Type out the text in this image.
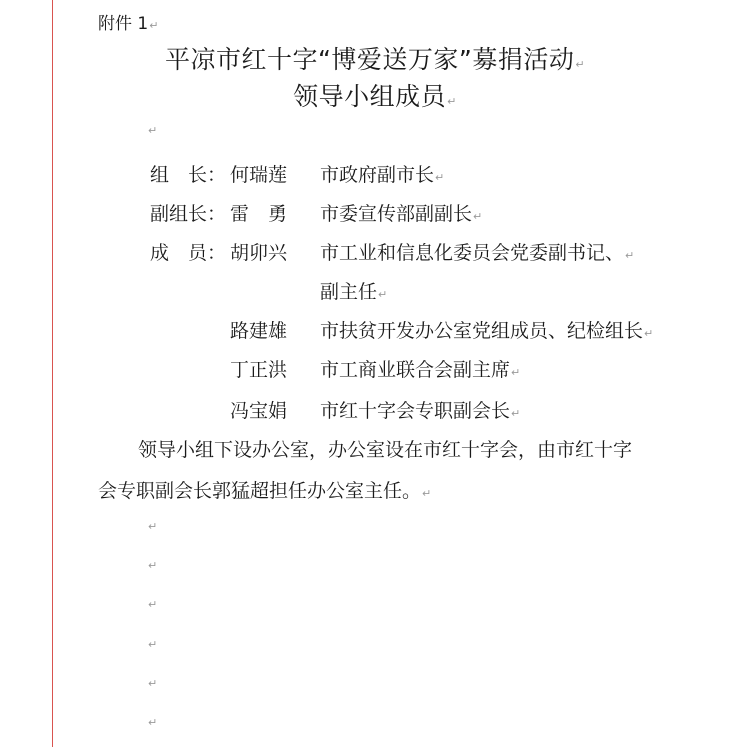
附件 1↵
平凉市红十字“博爱送万家”募捐活动↵
领导小组成员↵
↵
组　长： 何瑞莲 市政府副市长↵
副组长： 雷　勇 市委宣传部副副长↵
成　员： 胡卯兴 市工业和信息化委员会党委副书记、↵
副主任↵
路建雄 市扶贫开发办公室党组成员、纪检组长↵
丁正洪 市工商业联合会副主席↵
冯宝娟 市红十字会专职副会长↵
领导小组下设办公室，办公室设在市红十字会，由市红十字
会专职副会长郭猛超担任办公室主任。↵
↵
↵
↵
↵
↵
↵
